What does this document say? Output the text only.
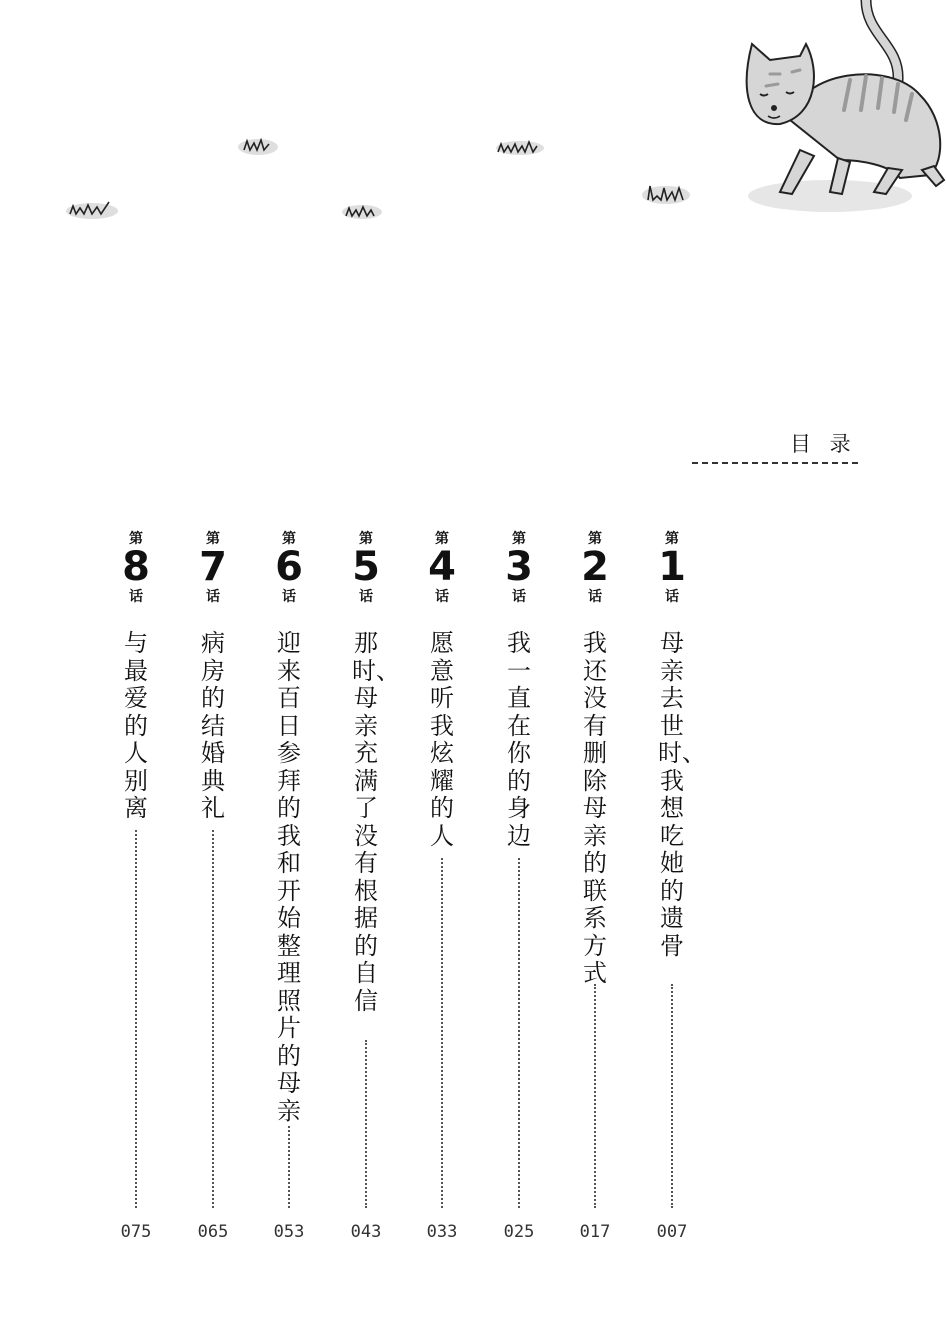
目 录
第
1
话
母亲去世时、我想吃她的遗骨
007
第
2
话
我还没有删除母亲的联系方式
017
第
3
话
我一直在你的身边
025
第
4
话
愿意听我炫耀的人
033
第
5
话
那时、母亲充满了没有根据的自信
043
第
6
话
迎来百日参拜的我和开始整理照片的母亲
053
第
7
话
病房的结婚典礼
065
第
8
话
与最爱的人别离
075
